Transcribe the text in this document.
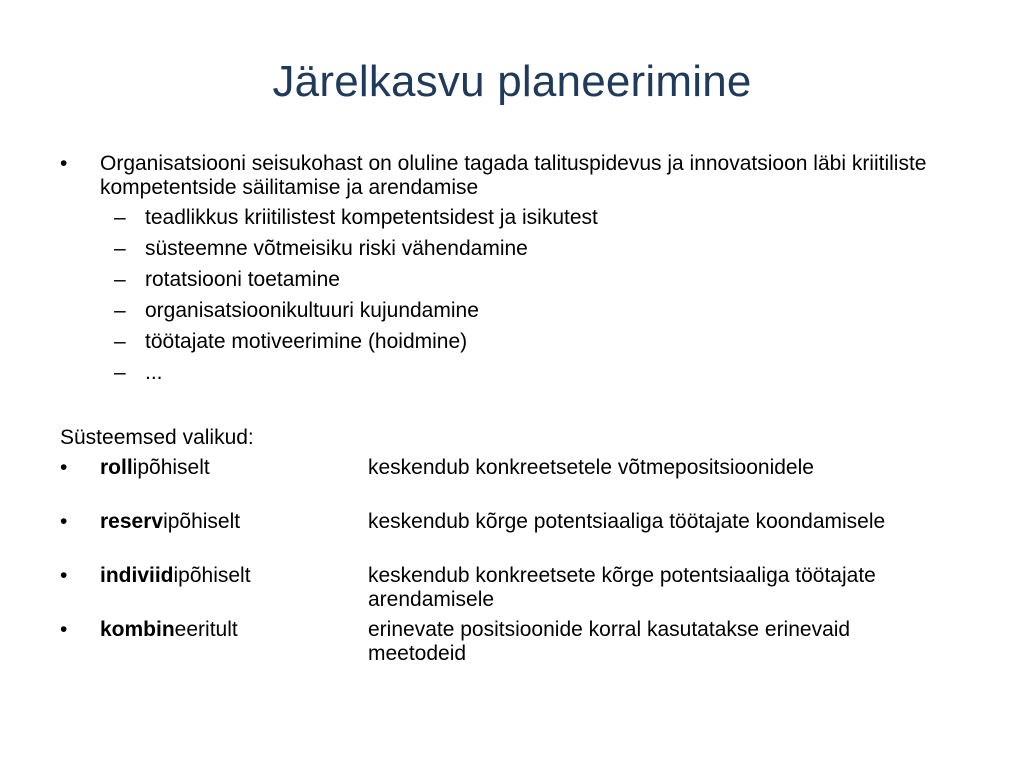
Järelkasvu planeerimine
•	Organisatsiooni seisukohast on oluline tagada talituspidevus ja innovatsioon läbi kriitiliste kompetentside säilitamise ja arendamise
– teadlikkus kriitilistest kompetentsidest ja isikutest
– süsteemne võtmeisiku riski vähendamine
– rotatsiooni toetamine
– organisatsioonikultuuri kujundamine
– töötajate motiveerimine (hoidmine)
– ...
Süsteemsed valikud:
•	rollipõhiselt	keskendub konkreetsetele võtmepositsioonidele
•	reservipõhiselt	keskendub kõrge potentsiaaliga töötajate koondamisele
•	indiviidipõhiselt	keskendub konkreetsete kõrge potentsiaaliga töötajate arendamisele
•	kombineeritult	erinevate positsioonide korral kasutatakse erinevaid meetodeid
